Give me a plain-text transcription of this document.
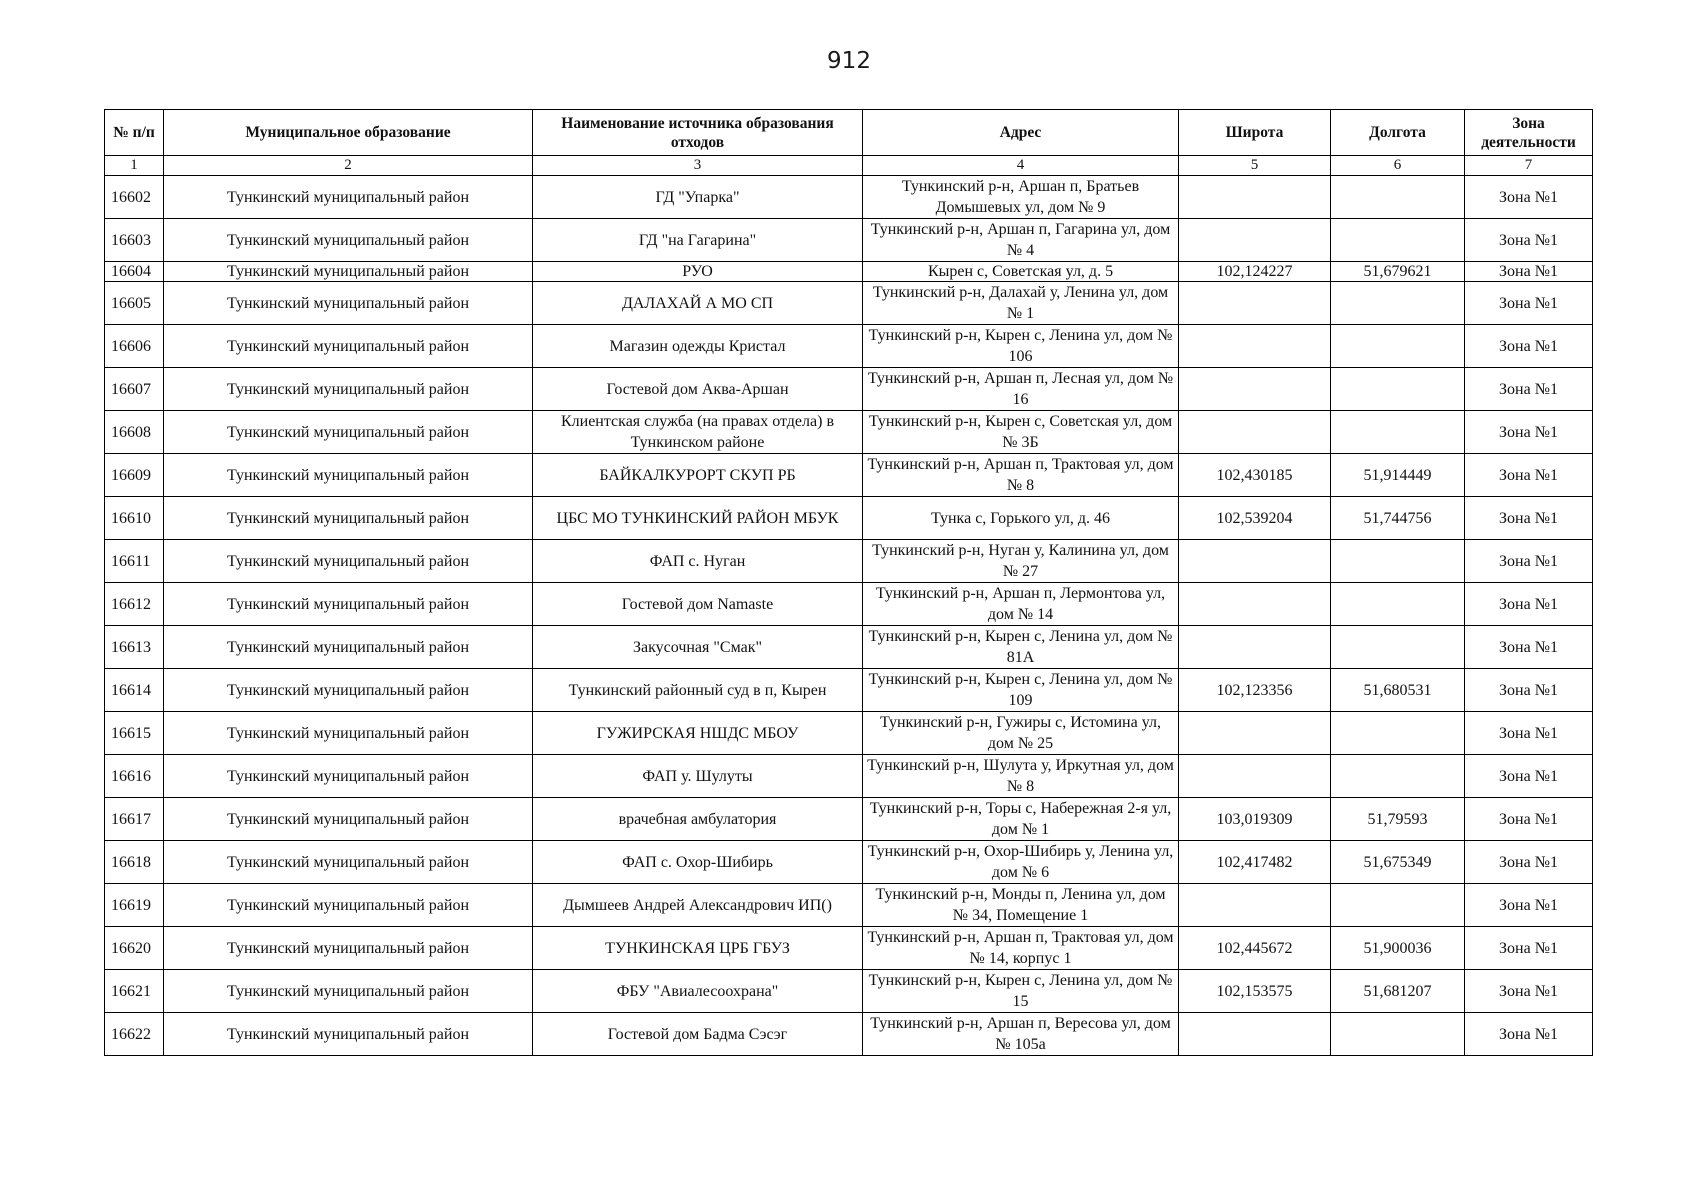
912
№ п/п	Муниципальное образование	Наименование источника образования отходов	Адрес	Широта	Долгота	Зона деятельности
1	2	3	4	5	6	7
16602	Тункинский муниципальный район	ГД "Упарка"	Тункинский р-н, Аршан п, Братьев Домышевых ул, дом № 9			Зона №1
16603	Тункинский муниципальный район	ГД "на Гагарина"	Тункинский р-н, Аршан п, Гагарина ул, дом № 4			Зона №1
16604	Тункинский муниципальный район	РУО	Кырен с, Советская ул, д. 5	102,124227	51,679621	Зона №1
16605	Тункинский муниципальный район	ДАЛАХАЙ А МО СП	Тункинский р-н, Далахай у, Ленина ул, дом № 1			Зона №1
16606	Тункинский муниципальный район	Магазин одежды Кристал	Тункинский р-н, Кырен с, Ленина ул, дом № 106			Зона №1
16607	Тункинский муниципальный район	Гостевой дом Аква-Аршан	Тункинский р-н, Аршан п, Лесная ул, дом № 16			Зона №1
16608	Тункинский муниципальный район	Клиентская служба (на правах отдела) в Тункинском районе	Тункинский р-н, Кырен с, Советская ул, дом № 3Б			Зона №1
16609	Тункинский муниципальный район	БАЙКАЛКУРОРТ СКУП РБ	Тункинский р-н, Аршан п, Трактовая ул, дом № 8	102,430185	51,914449	Зона №1
16610	Тункинский муниципальный район	ЦБС МО ТУНКИНСКИЙ РАЙОН МБУК	Тунка с, Горького ул, д. 46	102,539204	51,744756	Зона №1
16611	Тункинский муниципальный район	ФАП с. Нуган	Тункинский р-н, Нуган у, Калинина ул, дом № 27			Зона №1
16612	Тункинский муниципальный район	Гостевой дом Namaste	Тункинский р-н, Аршан п, Лермонтова ул, дом № 14			Зона №1
16613	Тункинский муниципальный район	Закусочная "Смак"	Тункинский р-н, Кырен с, Ленина ул, дом № 81А			Зона №1
16614	Тункинский муниципальный район	Тункинский районный суд в п, Кырен	Тункинский р-н, Кырен с, Ленина ул, дом № 109	102,123356	51,680531	Зона №1
16615	Тункинский муниципальный район	ГУЖИРСКАЯ НШДС МБОУ	Тункинский р-н, Гужиры с, Истомина ул, дом № 25			Зона №1
16616	Тункинский муниципальный район	ФАП у. Шулуты	Тункинский р-н, Шулута у, Иркутная ул, дом № 8			Зона №1
16617	Тункинский муниципальный район	врачебная амбулатория	Тункинский р-н, Торы с, Набережная 2-я ул, дом № 1	103,019309	51,79593	Зона №1
16618	Тункинский муниципальный район	ФАП с. Охор-Шибирь	Тункинский р-н, Охор-Шибирь у, Ленина ул, дом № 6	102,417482	51,675349	Зона №1
16619	Тункинский муниципальный район	Дымшеев Андрей Александрович ИП()	Тункинский р-н, Монды п, Ленина ул, дом № 34, Помещение 1			Зона №1
16620	Тункинский муниципальный район	ТУНКИНСКАЯ ЦРБ ГБУЗ	Тункинский р-н, Аршан п, Трактовая ул, дом № 14, корпус 1	102,445672	51,900036	Зона №1
16621	Тункинский муниципальный район	ФБУ "Авиалесоохрана"	Тункинский р-н, Кырен с, Ленина ул, дом № 15	102,153575	51,681207	Зона №1
16622	Тункинский муниципальный район	Гостевой дом Бадма Сэсэг	Тункинский р-н, Аршан п, Вересова ул, дом № 105а			Зона №1
